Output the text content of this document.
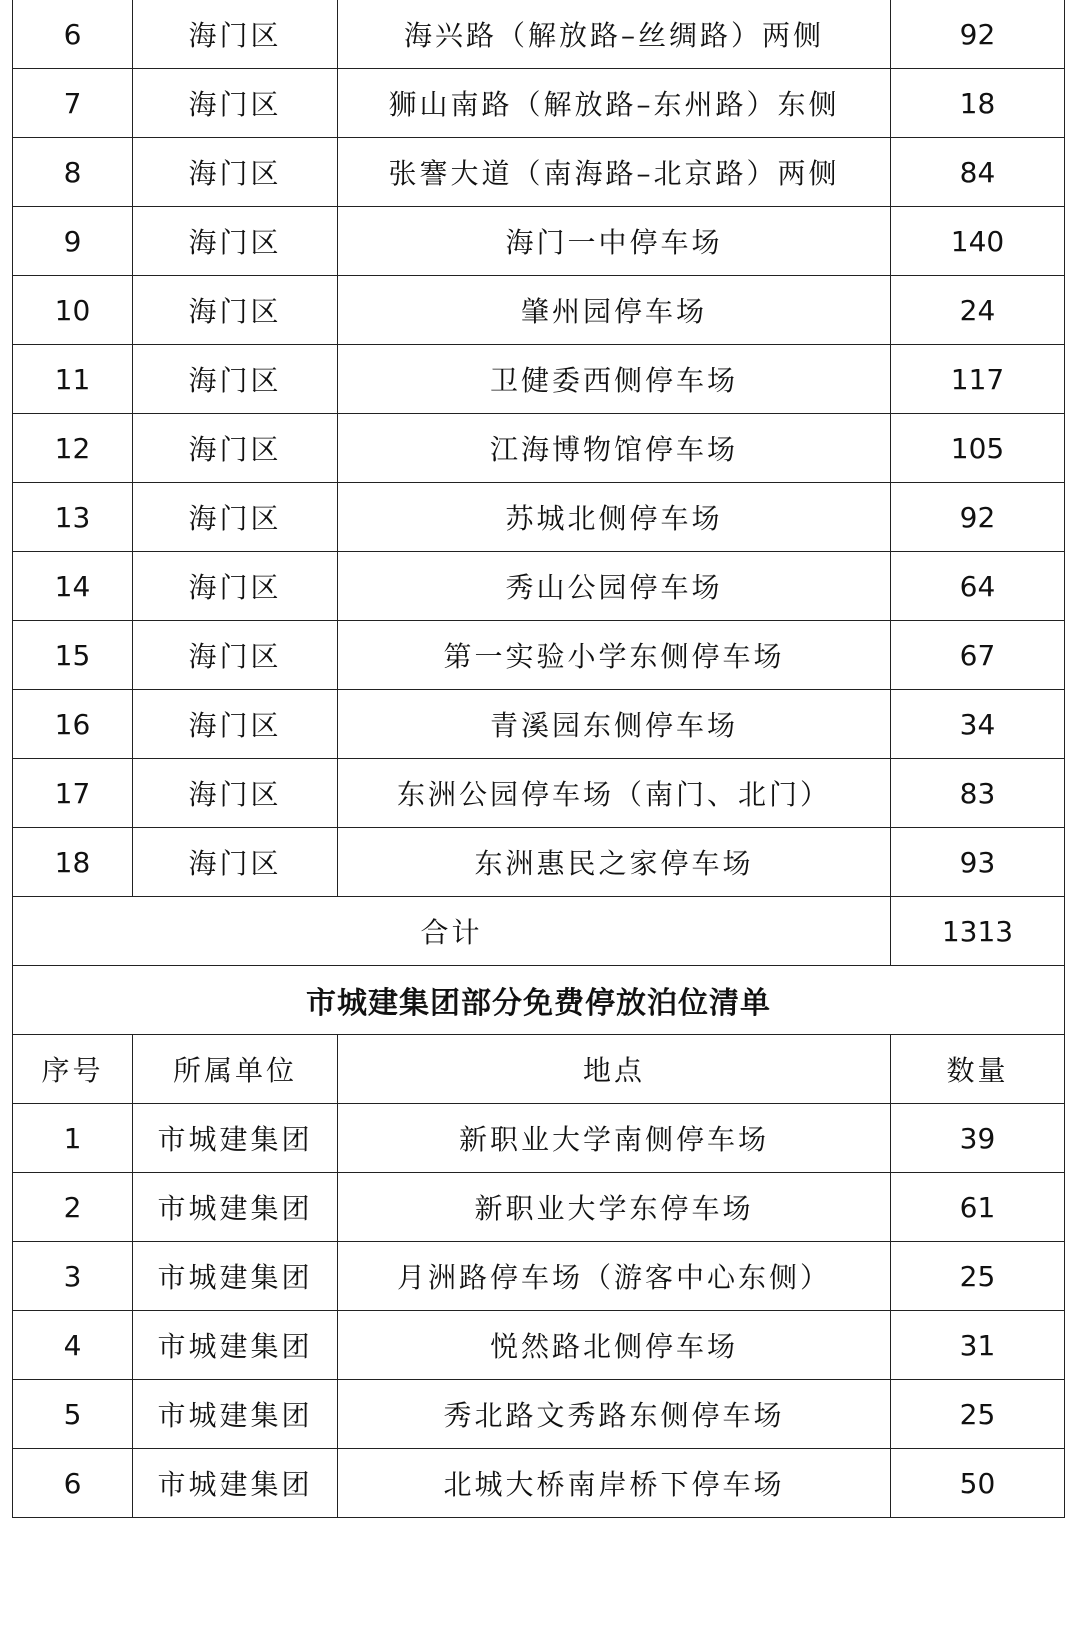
6	海门区	海兴路（解放路–丝绸路）两侧	92
7	海门区	狮山南路（解放路–东州路）东侧	18
8	海门区	张謇大道（南海路–北京路）两侧	84
9	海门区	海门一中停车场	140
10	海门区	肇州园停车场	24
11	海门区	卫健委西侧停车场	117
12	海门区	江海博物馆停车场	105
13	海门区	苏城北侧停车场	92
14	海门区	秀山公园停车场	64
15	海门区	第一实验小学东侧停车场	67
16	海门区	青溪园东侧停车场	34
17	海门区	东洲公园停车场（南门、北门）	83
18	海门区	东洲惠民之家停车场	93
合计			1313
市城建集团部分免费停放泊位清单			
序号	所属单位	地点	数量
1	市城建集团	新职业大学南侧停车场	39
2	市城建集团	新职业大学东停车场	61
3	市城建集团	月洲路停车场（游客中心东侧）	25
4	市城建集团	悦然路北侧停车场	31
5	市城建集团	秀北路文秀路东侧停车场	25
6	市城建集团	北城大桥南岸桥下停车场	50
